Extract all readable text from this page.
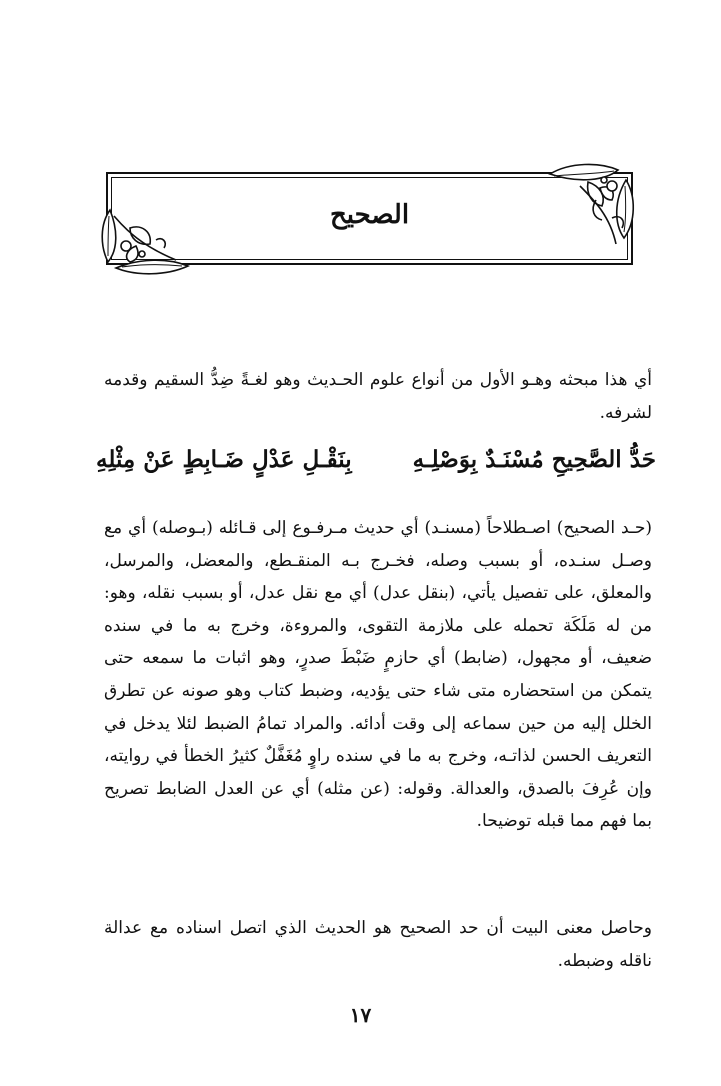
الصحيح

أي هذا مبحثه وهـو الأول من أنواع علوم الحـديث وهو لغـةً ضِدُّ السقيم وقدمه لشرفه.

حَدُّ الصَّحِيحِ مُسْنَـدٌ بِوَصْلِـهِ
بِنَقْـلِ عَدْلٍ ضَـابِطٍ عَنْ مِثْلِهِ

(حـد الصحيح) اصـطلاحاً (مسنـد) أي حديث مـرفـوع إلى قـائله (بـوصله) أي مع وصـل سنـده، أو بسبب وصله، فخـرج بـه المنقـطع، والمعضل، والمرسل، والمعلق، على تفصيل يأتي، (بنقل عدل) أي مع نقل عدل، أو بسبب نقله، وهو: من له مَلَكَة تحمله على ملازمة التقوى، والمروءة، وخرج به ما في سنده ضعيف، أو مجهول، (ضابط) أي حازمٍ ضَبْطَ صدرٍ، وهو اثبات ما سمعه حتى يتمكن من استحضاره متى شاء حتى يؤديه، وضبط كتاب وهو صونه عن تطرق الخلل إليه من حين سماعه إلى وقت أدائه. والمراد تمامُ الضبط لئلا يدخل في التعريف الحسن لذاتـه، وخرج به ما في سنده راوٍ مُغَفَّلٌ كثيرُ الخطأ في روايته، وإن عُرِفَ بالصدق، والعدالة. وقوله: (عن مثله) أي عن العدل الضابط تصريح بما فهم مما قبله توضيحا.

وحاصل معنى البيت أن حد الصحيح هو الحديث الذي اتصل اسناده مع عدالة ناقله وضبطه.

١٧
